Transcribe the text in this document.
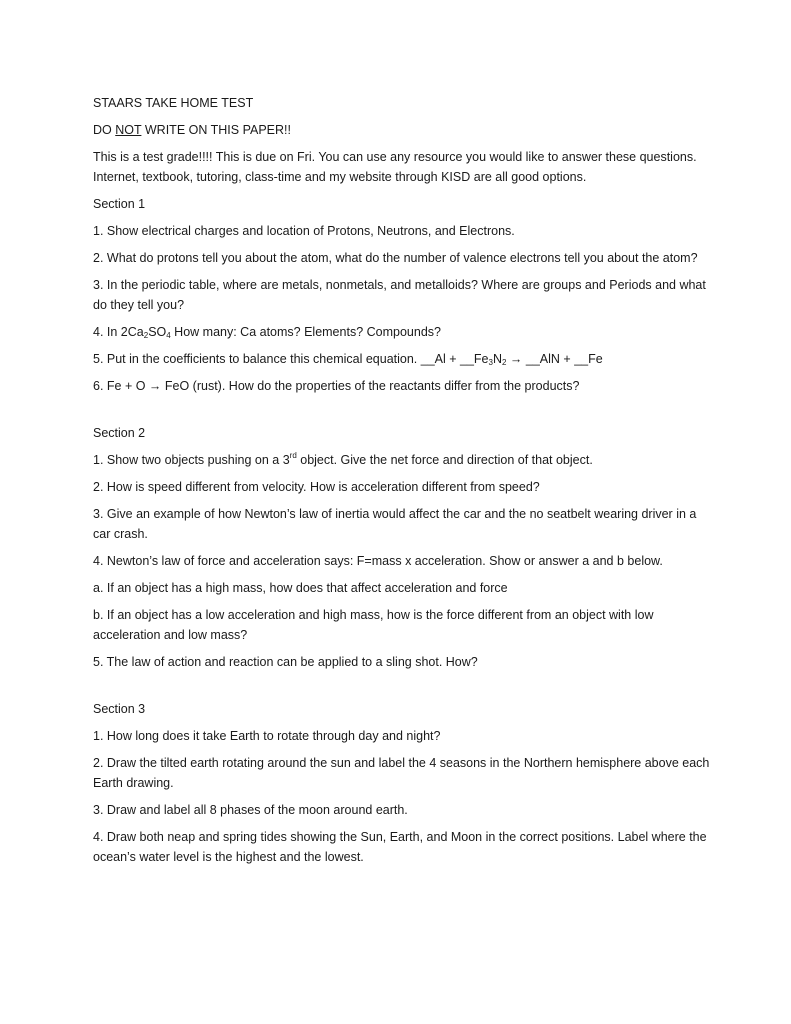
STAARS TAKE HOME TEST

DO NOT WRITE ON THIS PAPER!!

This is a test grade!!!! This is due on Fri. You can use any resource you would like to answer these questions. Internet, textbook, tutoring, class-time and my website through KISD are all good options.

Section 1

1. Show electrical charges and location of Protons, Neutrons, and Electrons.

2. What do protons tell you about the atom, what do the number of valence electrons tell you about the atom?

3. In the periodic table, where are metals, nonmetals, and metalloids? Where are groups and Periods and what do they tell you?

4. In $2Ca_2SO_4$ How many: Ca atoms? Elements? Compounds?

5. Put in the coefficients to balance this chemical equation. __Al + $\_\_Fe_3N_2$ → __AlN + __Fe

6. Fe + O → FeO (rust). How do the properties of the reactants differ from the products?

Section 2

1. Show two objects pushing on a 3rd object. Give the net force and direction of that object.

2. How is speed different from velocity. How is acceleration different from speed?

3. Give an example of how Newton’s law of inertia would affect the car and the no seatbelt wearing driver in a car crash.

4. Newton’s law of force and acceleration says: F=mass x acceleration. Show or answer a and b below.

a. If an object has a high mass, how does that affect acceleration and force

b. If an object has a low acceleration and high mass, how is the force different from an object with low acceleration and low mass?

5. The law of action and reaction can be applied to a sling shot. How?

Section 3

1. How long does it take Earth to rotate through day and night?

2. Draw the tilted earth rotating around the sun and label the 4 seasons in the Northern hemisphere above each Earth drawing.

3. Draw and label all 8 phases of the moon around earth.

4. Draw both neap and spring tides showing the Sun, Earth, and Moon in the correct positions. Label where the ocean’s water level is the highest and the lowest.
